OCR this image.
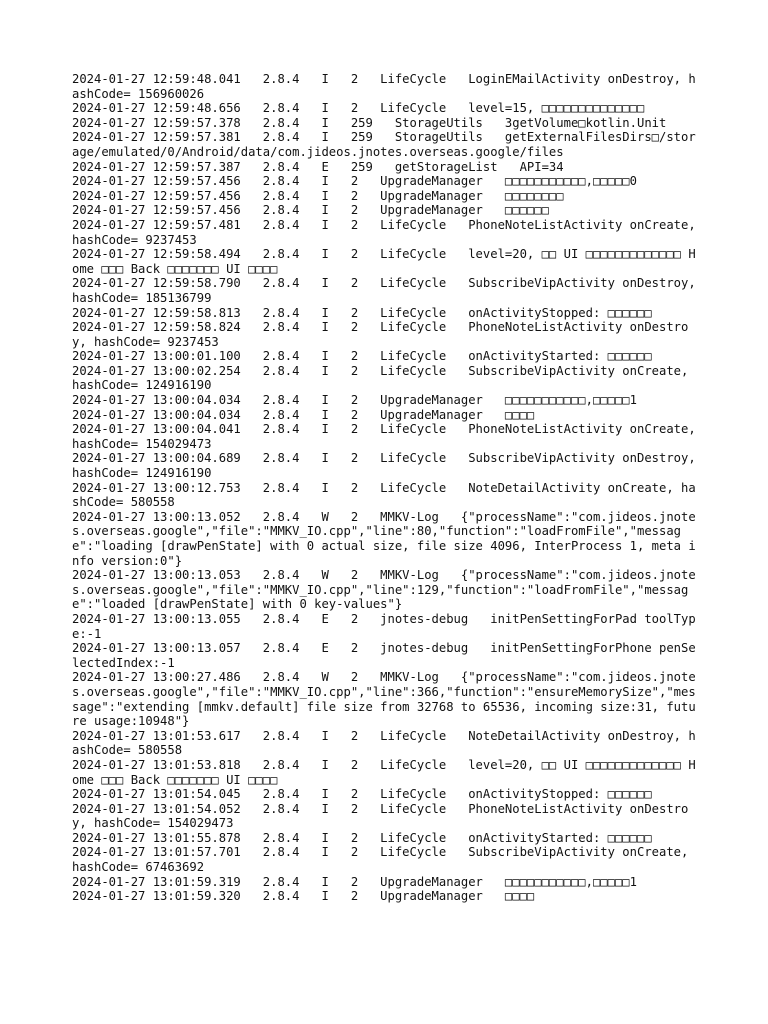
2024-01-27 12:59:48.041   2.8.4   I   2   LifeCycle   LoginEMailActivity onDestroy, hashCode= 156960026
2024-01-27 12:59:48.656   2.8.4   I   2   LifeCycle   level=15, □□□□□□□□□□□□□□
2024-01-27 12:59:57.378   2.8.4   I   259   StorageUtils   3getVolume□kotlin.Unit
2024-01-27 12:59:57.381   2.8.4   I   259   StorageUtils   getExternalFilesDirs□/storage/emulated/0/Android/data/com.jideos.jnotes.overseas.google/files
2024-01-27 12:59:57.387   2.8.4   E   259   getStorageList   API=34
2024-01-27 12:59:57.456   2.8.4   I   2   UpgradeManager   □□□□□□□□□□□,□□□□□0
2024-01-27 12:59:57.456   2.8.4   I   2   UpgradeManager   □□□□□□□□
2024-01-27 12:59:57.456   2.8.4   I   2   UpgradeManager   □□□□□□
2024-01-27 12:59:57.481   2.8.4   I   2   LifeCycle   PhoneNoteListActivity onCreate, hashCode= 9237453
2024-01-27 12:59:58.494   2.8.4   I   2   LifeCycle   level=20, □□ UI □□□□□□□□□□□□□ Home □□□ Back □□□□□□□ UI □□□□
2024-01-27 12:59:58.790   2.8.4   I   2   LifeCycle   SubscribeVipActivity onDestroy, hashCode= 185136799
2024-01-27 12:59:58.813   2.8.4   I   2   LifeCycle   onActivityStopped: □□□□□□
2024-01-27 12:59:58.824   2.8.4   I   2   LifeCycle   PhoneNoteListActivity onDestroy, hashCode= 9237453
2024-01-27 13:00:01.100   2.8.4   I   2   LifeCycle   onActivityStarted: □□□□□□
2024-01-27 13:00:02.254   2.8.4   I   2   LifeCycle   SubscribeVipActivity onCreate, hashCode= 124916190
2024-01-27 13:00:04.034   2.8.4   I   2   UpgradeManager   □□□□□□□□□□□,□□□□□1
2024-01-27 13:00:04.034   2.8.4   I   2   UpgradeManager   □□□□
2024-01-27 13:00:04.041   2.8.4   I   2   LifeCycle   PhoneNoteListActivity onCreate, hashCode= 154029473
2024-01-27 13:00:04.689   2.8.4   I   2   LifeCycle   SubscribeVipActivity onDestroy, hashCode= 124916190
2024-01-27 13:00:12.753   2.8.4   I   2   LifeCycle   NoteDetailActivity onCreate, hashCode= 580558
2024-01-27 13:00:13.052   2.8.4   W   2   MMKV-Log   {"processName":"com.jideos.jnotes.overseas.google","file":"MMKV_IO.cpp","line":80,"function":"loadFromFile","message":"loading [drawPenState] with 0 actual size, file size 4096, InterProcess 1, meta info version:0"}
2024-01-27 13:00:13.053   2.8.4   W   2   MMKV-Log   {"processName":"com.jideos.jnotes.overseas.google","file":"MMKV_IO.cpp","line":129,"function":"loadFromFile","message":"loaded [drawPenState] with 0 key-values"}
2024-01-27 13:00:13.055   2.8.4   E   2   jnotes-debug   initPenSettingForPad toolType:-1
2024-01-27 13:00:13.057   2.8.4   E   2   jnotes-debug   initPenSettingForPhone penSelectedIndex:-1
2024-01-27 13:00:27.486   2.8.4   W   2   MMKV-Log   {"processName":"com.jideos.jnotes.overseas.google","file":"MMKV_IO.cpp","line":366,"function":"ensureMemorySize","message":"extending [mmkv.default] file size from 32768 to 65536, incoming size:31, future usage:10948"}
2024-01-27 13:01:53.617   2.8.4   I   2   LifeCycle   NoteDetailActivity onDestroy, hashCode= 580558
2024-01-27 13:01:53.818   2.8.4   I   2   LifeCycle   level=20, □□ UI □□□□□□□□□□□□□ Home □□□ Back □□□□□□□ UI □□□□
2024-01-27 13:01:54.045   2.8.4   I   2   LifeCycle   onActivityStopped: □□□□□□
2024-01-27 13:01:54.052   2.8.4   I   2   LifeCycle   PhoneNoteListActivity onDestroy, hashCode= 154029473
2024-01-27 13:01:55.878   2.8.4   I   2   LifeCycle   onActivityStarted: □□□□□□
2024-01-27 13:01:57.701   2.8.4   I   2   LifeCycle   SubscribeVipActivity onCreate, hashCode= 67463692
2024-01-27 13:01:59.319   2.8.4   I   2   UpgradeManager   □□□□□□□□□□□,□□□□□1
2024-01-27 13:01:59.320   2.8.4   I   2   UpgradeManager   □□□□
